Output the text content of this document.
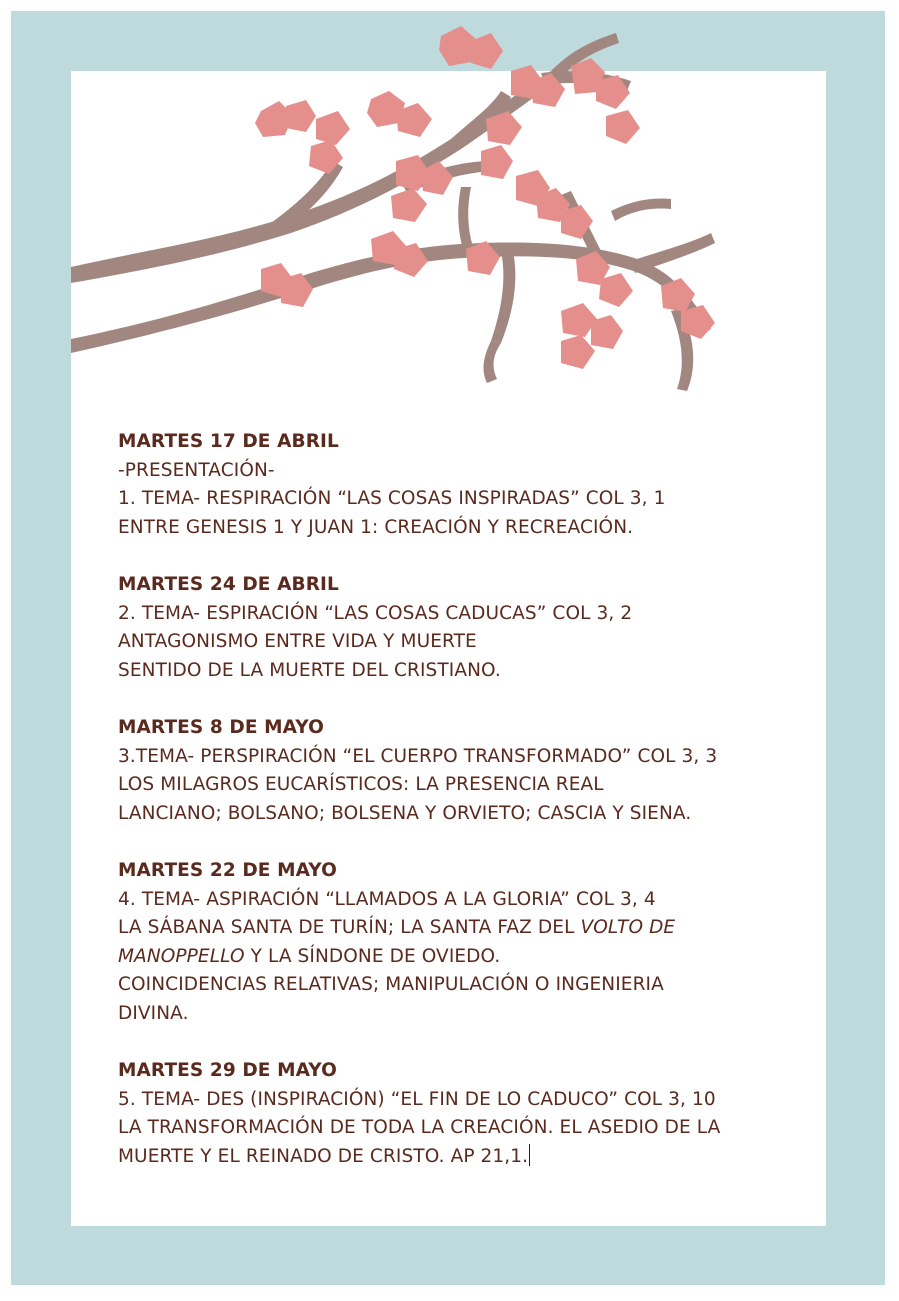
MARTES 17 DE ABRIL
-PRESENTACIÓN-
1. TEMA- RESPIRACIÓN “LAS COSAS INSPIRADAS” COL 3, 1
ENTRE GENESIS 1 Y JUAN 1: CREACIÓN Y RECREACIÓN.
MARTES 24 DE ABRIL
2. TEMA- ESPIRACIÓN “LAS COSAS CADUCAS” COL 3, 2
ANTAGONISMO ENTRE VIDA Y MUERTE
SENTIDO DE LA MUERTE DEL CRISTIANO.
MARTES 8 DE MAYO
3.TEMA- PERSPIRACIÓN “EL CUERPO TRANSFORMADO” COL 3, 3
LOS MILAGROS EUCARÍSTICOS: LA PRESENCIA REAL
LANCIANO; BOLSANO; BOLSENA Y ORVIETO; CASCIA Y SIENA.
MARTES 22 DE MAYO
4. TEMA- ASPIRACIÓN “LLAMADOS A LA GLORIA” COL 3, 4
LA SÁBANA SANTA DE TURÍN; LA SANTA FAZ DEL VOLTO DE
MANOPPELLO Y LA SÍNDONE DE OVIEDO.
COINCIDENCIAS RELATIVAS; MANIPULACIÓN O INGENIERIA
DIVINA.
MARTES 29 DE MAYO
5. TEMA- DES (INSPIRACIÓN) “EL FIN DE LO CADUCO” COL 3, 10
LA TRANSFORMACIÓN DE TODA LA CREACIÓN. EL ASEDIO DE LA
MUERTE Y EL REINADO DE CRISTO. AP 21,1.
